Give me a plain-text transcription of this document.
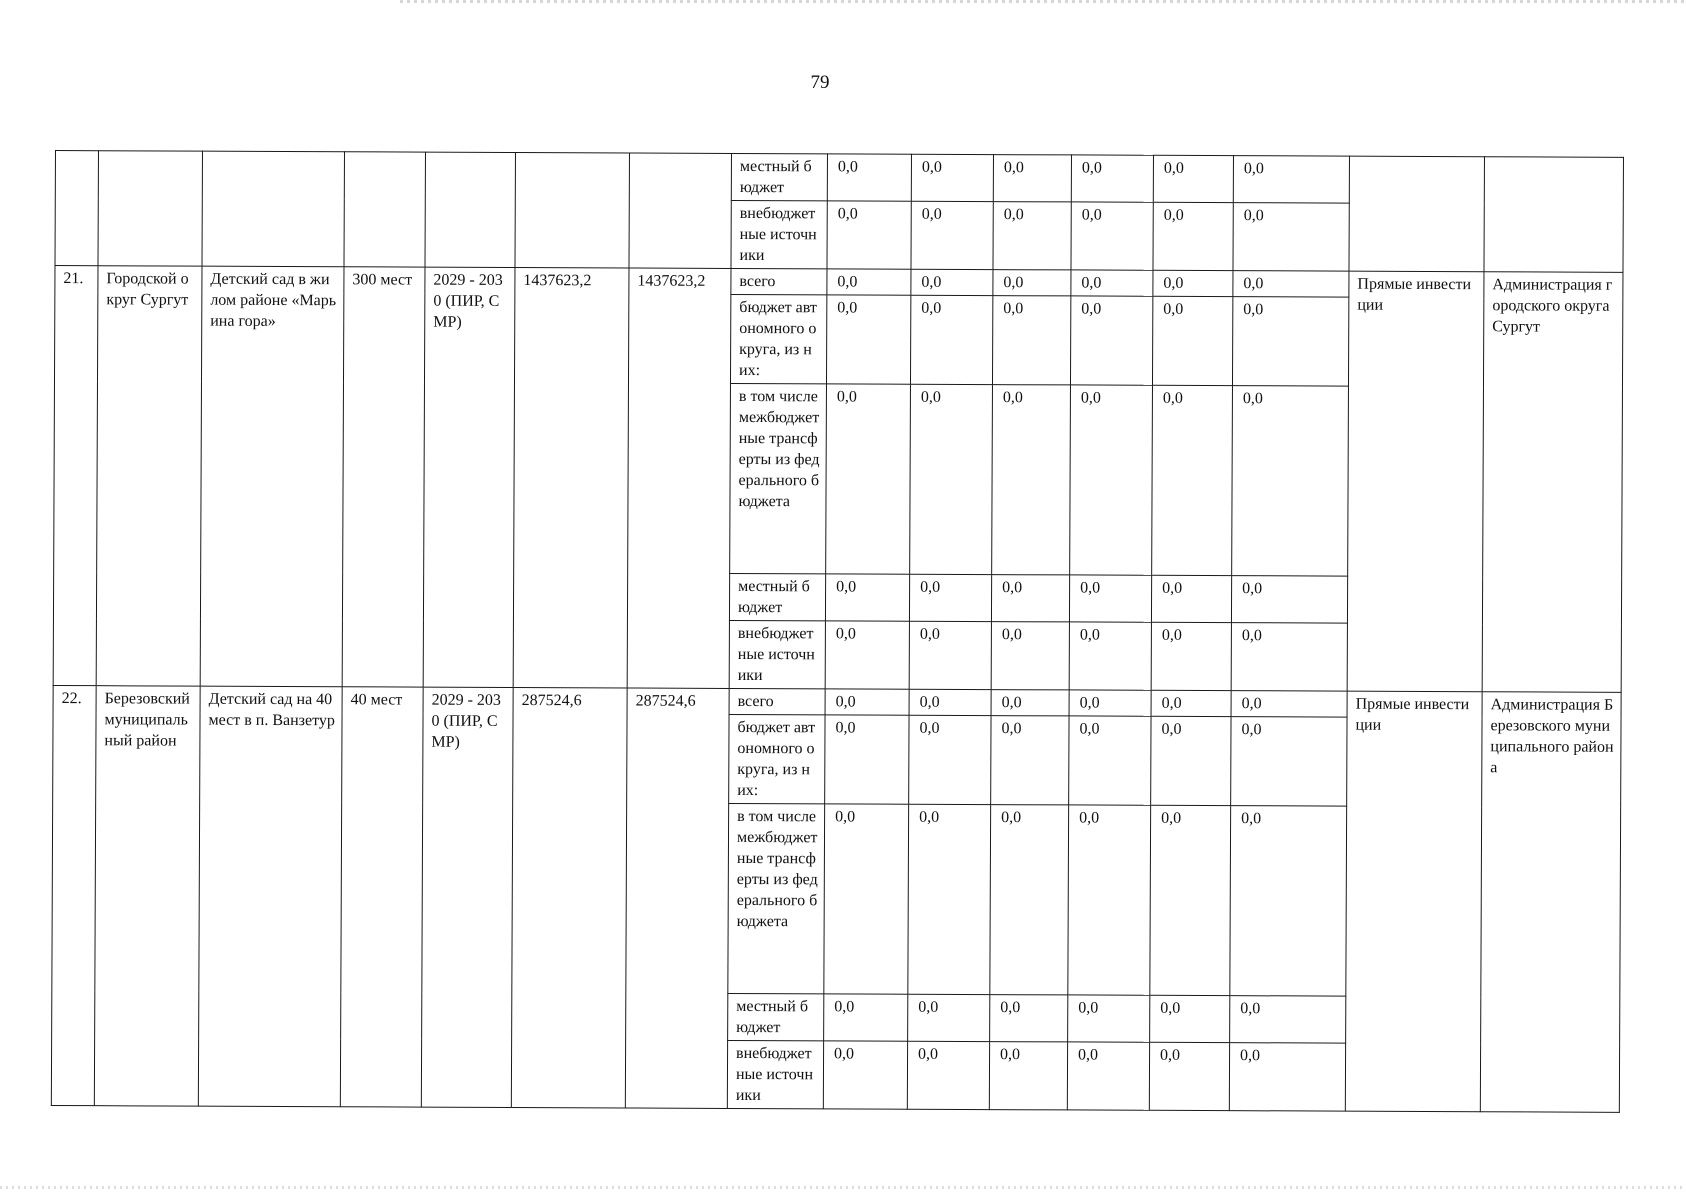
79
							местный бюджет	0,0	0,0	0,0	0,0	0,0	0,0		
							внебюджетные источники	0,0	0,0	0,0	0,0	0,0	0,0		
21.	Городской округ Сургут	Детский сад в жилом районе «Марьина гора»	300 мест	2029 - 2030 (ПИР, СМР)	1437623,2	1437623,2	всего	0,0	0,0	0,0	0,0	0,0	0,0	Прямые инвестиции	Администрация городского округа Сургут
							бюджет автономного округа, из них:	0,0	0,0	0,0	0,0	0,0	0,0		
							в том числе межбюджетные трансферты из федерального бюджета	0,0	0,0	0,0	0,0	0,0	0,0		
							местный бюджет	0,0	0,0	0,0	0,0	0,0	0,0		
							внебюджетные источники	0,0	0,0	0,0	0,0	0,0	0,0		
22.	Березовский муниципальный район	Детский сад на 40 мест в п. Ванзетур	40 мест	2029 - 2030 (ПИР, СМР)	287524,6	287524,6	всего	0,0	0,0	0,0	0,0	0,0	0,0	Прямые инвестиции	Администрация Березовского муниципального района
							бюджет автономного округа, из них:	0,0	0,0	0,0	0,0	0,0	0,0		
							в том числе межбюджетные трансферты из федерального бюджета	0,0	0,0	0,0	0,0	0,0	0,0		
							местный бюджет	0,0	0,0	0,0	0,0	0,0	0,0		
							внебюджетные источники	0,0	0,0	0,0	0,0	0,0	0,0		
